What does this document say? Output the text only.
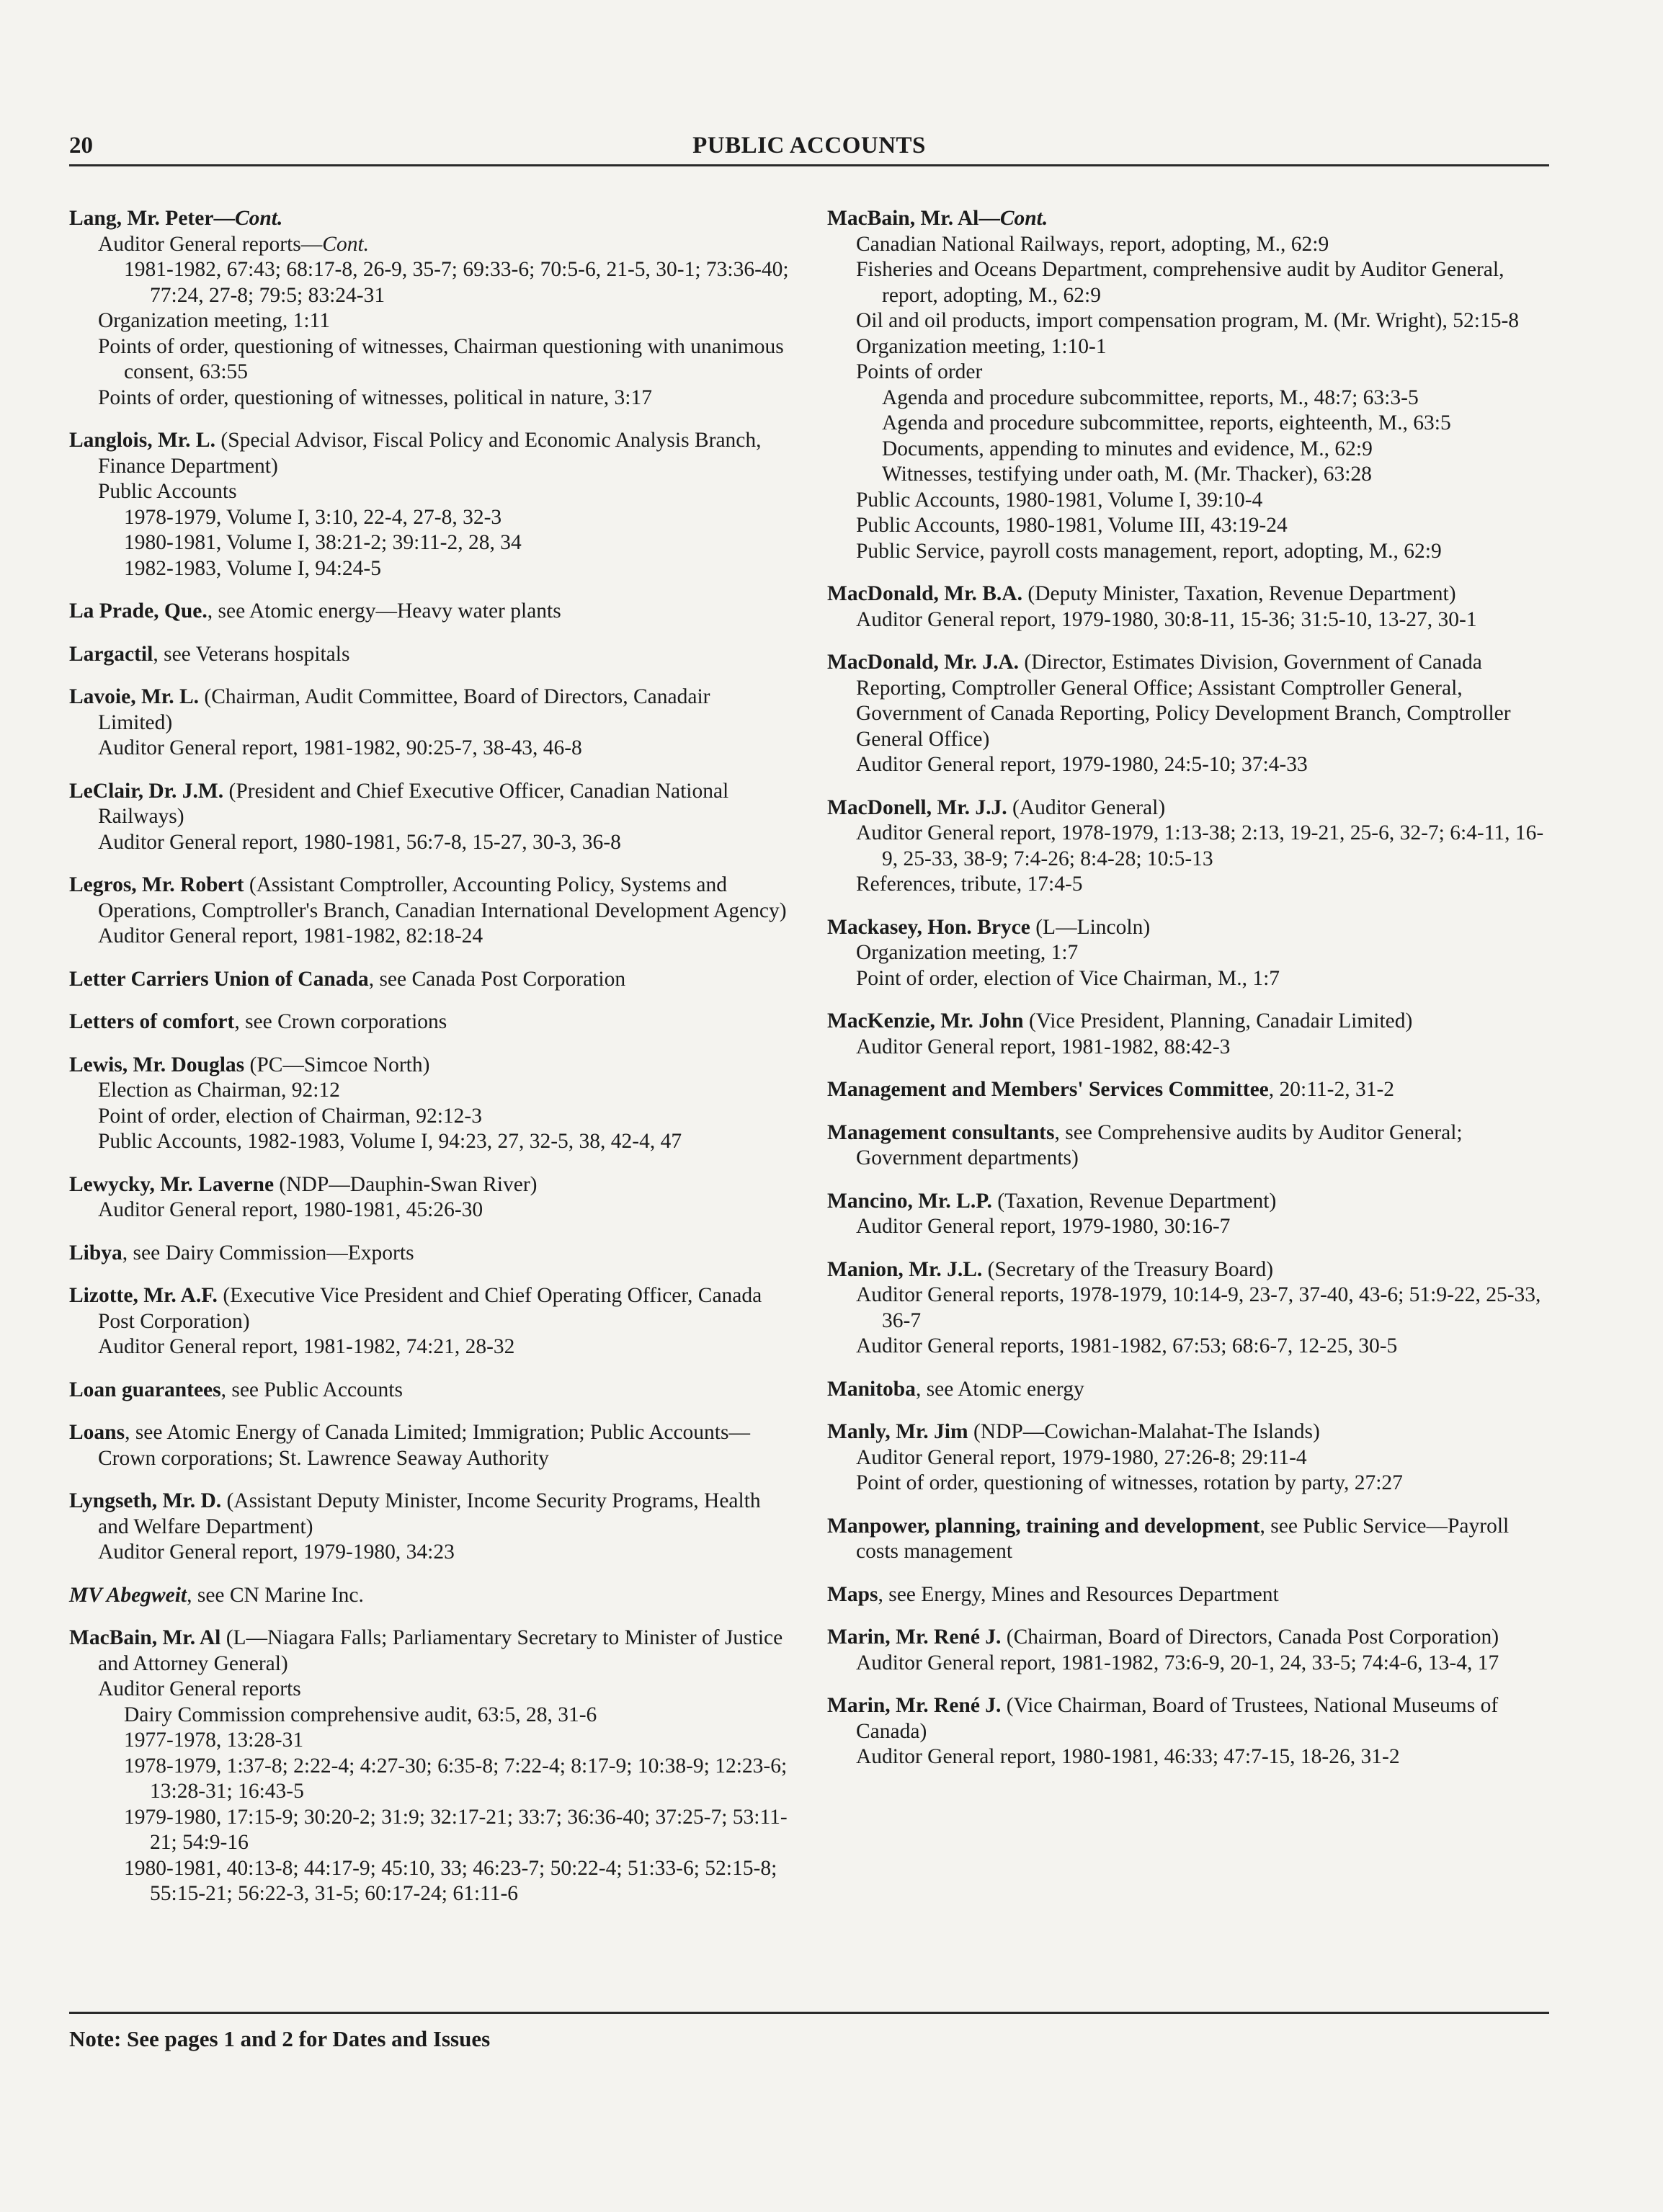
20	PUBLIC ACCOUNTS
Lang, Mr. Peter—Cont.
Auditor General reports—Cont.
1981-1982, 67:43; 68:17-8, 26-9, 35-7; 69:33-6; 70:5-6, 21-5, 30-1; 73:36-40; 77:24, 27-8; 79:5; 83:24-31
Organization meeting, 1:11
Points of order, questioning of witnesses, Chairman questioning with unanimous consent, 63:55
Points of order, questioning of witnesses, political in nature, 3:17
Langlois, Mr. L. (Special Advisor, Fiscal Policy and Economic Analysis Branch, Finance Department)
Public Accounts
1978-1979, Volume I, 3:10, 22-4, 27-8, 32-3
1980-1981, Volume I, 38:21-2; 39:11-2, 28, 34
1982-1983, Volume I, 94:24-5
La Prade, Que., see Atomic energy—Heavy water plants
Largactil, see Veterans hospitals
Lavoie, Mr. L. (Chairman, Audit Committee, Board of Directors, Canadair Limited)
Auditor General report, 1981-1982, 90:25-7, 38-43, 46-8
LeClair, Dr. J.M. (President and Chief Executive Officer, Canadian National Railways)
Auditor General report, 1980-1981, 56:7-8, 15-27, 30-3, 36-8
Legros, Mr. Robert (Assistant Comptroller, Accounting Policy, Systems and Operations, Comptroller's Branch, Canadian International Development Agency)
Auditor General report, 1981-1982, 82:18-24
Letter Carriers Union of Canada, see Canada Post Corporation
Letters of comfort, see Crown corporations
Lewis, Mr. Douglas (PC—Simcoe North)
Election as Chairman, 92:12
Point of order, election of Chairman, 92:12-3
Public Accounts, 1982-1983, Volume I, 94:23, 27, 32-5, 38, 42-4, 47
Lewycky, Mr. Laverne (NDP—Dauphin-Swan River)
Auditor General report, 1980-1981, 45:26-30
Libya, see Dairy Commission—Exports
Lizotte, Mr. A.F. (Executive Vice President and Chief Operating Officer, Canada Post Corporation)
Auditor General report, 1981-1982, 74:21, 28-32
Loan guarantees, see Public Accounts
Loans, see Atomic Energy of Canada Limited; Immigration; Public Accounts—Crown corporations; St. Lawrence Seaway Authority
Lyngseth, Mr. D. (Assistant Deputy Minister, Income Security Programs, Health and Welfare Department)
Auditor General report, 1979-1980, 34:23
MV Abegweit, see CN Marine Inc.
MacBain, Mr. Al (L—Niagara Falls; Parliamentary Secretary to Minister of Justice and Attorney General)
Auditor General reports
Dairy Commission comprehensive audit, 63:5, 28, 31-6
1977-1978, 13:28-31
1978-1979, 1:37-8; 2:22-4; 4:27-30; 6:35-8; 7:22-4; 8:17-9; 10:38-9; 12:23-6; 13:28-31; 16:43-5
1979-1980, 17:15-9; 30:20-2; 31:9; 32:17-21; 33:7; 36:36-40; 37:25-7; 53:11-21; 54:9-16
1980-1981, 40:13-8; 44:17-9; 45:10, 33; 46:23-7; 50:22-4; 51:33-6; 52:15-8; 55:15-21; 56:22-3, 31-5; 60:17-24; 61:11-6
MacBain, Mr. Al—Cont.
Canadian National Railways, report, adopting, M., 62:9
Fisheries and Oceans Department, comprehensive audit by Auditor General, report, adopting, M., 62:9
Oil and oil products, import compensation program, M. (Mr. Wright), 52:15-8
Organization meeting, 1:10-1
Points of order
Agenda and procedure subcommittee, reports, M., 48:7; 63:3-5
Agenda and procedure subcommittee, reports, eighteenth, M., 63:5
Documents, appending to minutes and evidence, M., 62:9
Witnesses, testifying under oath, M. (Mr. Thacker), 63:28
Public Accounts, 1980-1981, Volume I, 39:10-4
Public Accounts, 1980-1981, Volume III, 43:19-24
Public Service, payroll costs management, report, adopting, M., 62:9
MacDonald, Mr. B.A. (Deputy Minister, Taxation, Revenue Department)
Auditor General report, 1979-1980, 30:8-11, 15-36; 31:5-10, 13-27, 30-1
MacDonald, Mr. J.A. (Director, Estimates Division, Government of Canada Reporting, Comptroller General Office; Assistant Comptroller General, Government of Canada Reporting, Policy Development Branch, Comptroller General Office)
Auditor General report, 1979-1980, 24:5-10; 37:4-33
MacDonell, Mr. J.J. (Auditor General)
Auditor General report, 1978-1979, 1:13-38; 2:13, 19-21, 25-6, 32-7; 6:4-11, 16-9, 25-33, 38-9; 7:4-26; 8:4-28; 10:5-13
References, tribute, 17:4-5
Mackasey, Hon. Bryce (L—Lincoln)
Organization meeting, 1:7
Point of order, election of Vice Chairman, M., 1:7
MacKenzie, Mr. John (Vice President, Planning, Canadair Limited)
Auditor General report, 1981-1982, 88:42-3
Management and Members' Services Committee, 20:11-2, 31-2
Management consultants, see Comprehensive audits by Auditor General; Government departments)
Mancino, Mr. L.P. (Taxation, Revenue Department)
Auditor General report, 1979-1980, 30:16-7
Manion, Mr. J.L. (Secretary of the Treasury Board)
Auditor General reports, 1978-1979, 10:14-9, 23-7, 37-40, 43-6; 51:9-22, 25-33, 36-7
Auditor General reports, 1981-1982, 67:53; 68:6-7, 12-25, 30-5
Manitoba, see Atomic energy
Manly, Mr. Jim (NDP—Cowichan-Malahat-The Islands)
Auditor General report, 1979-1980, 27:26-8; 29:11-4
Point of order, questioning of witnesses, rotation by party, 27:27
Manpower, planning, training and development, see Public Service—Payroll costs management
Maps, see Energy, Mines and Resources Department
Marin, Mr. René J. (Chairman, Board of Directors, Canada Post Corporation)
Auditor General report, 1981-1982, 73:6-9, 20-1, 24, 33-5; 74:4-6, 13-4, 17
Marin, Mr. René J. (Vice Chairman, Board of Trustees, National Museums of Canada)
Auditor General report, 1980-1981, 46:33; 47:7-15, 18-26, 31-2
Note: See pages 1 and 2 for Dates and Issues
